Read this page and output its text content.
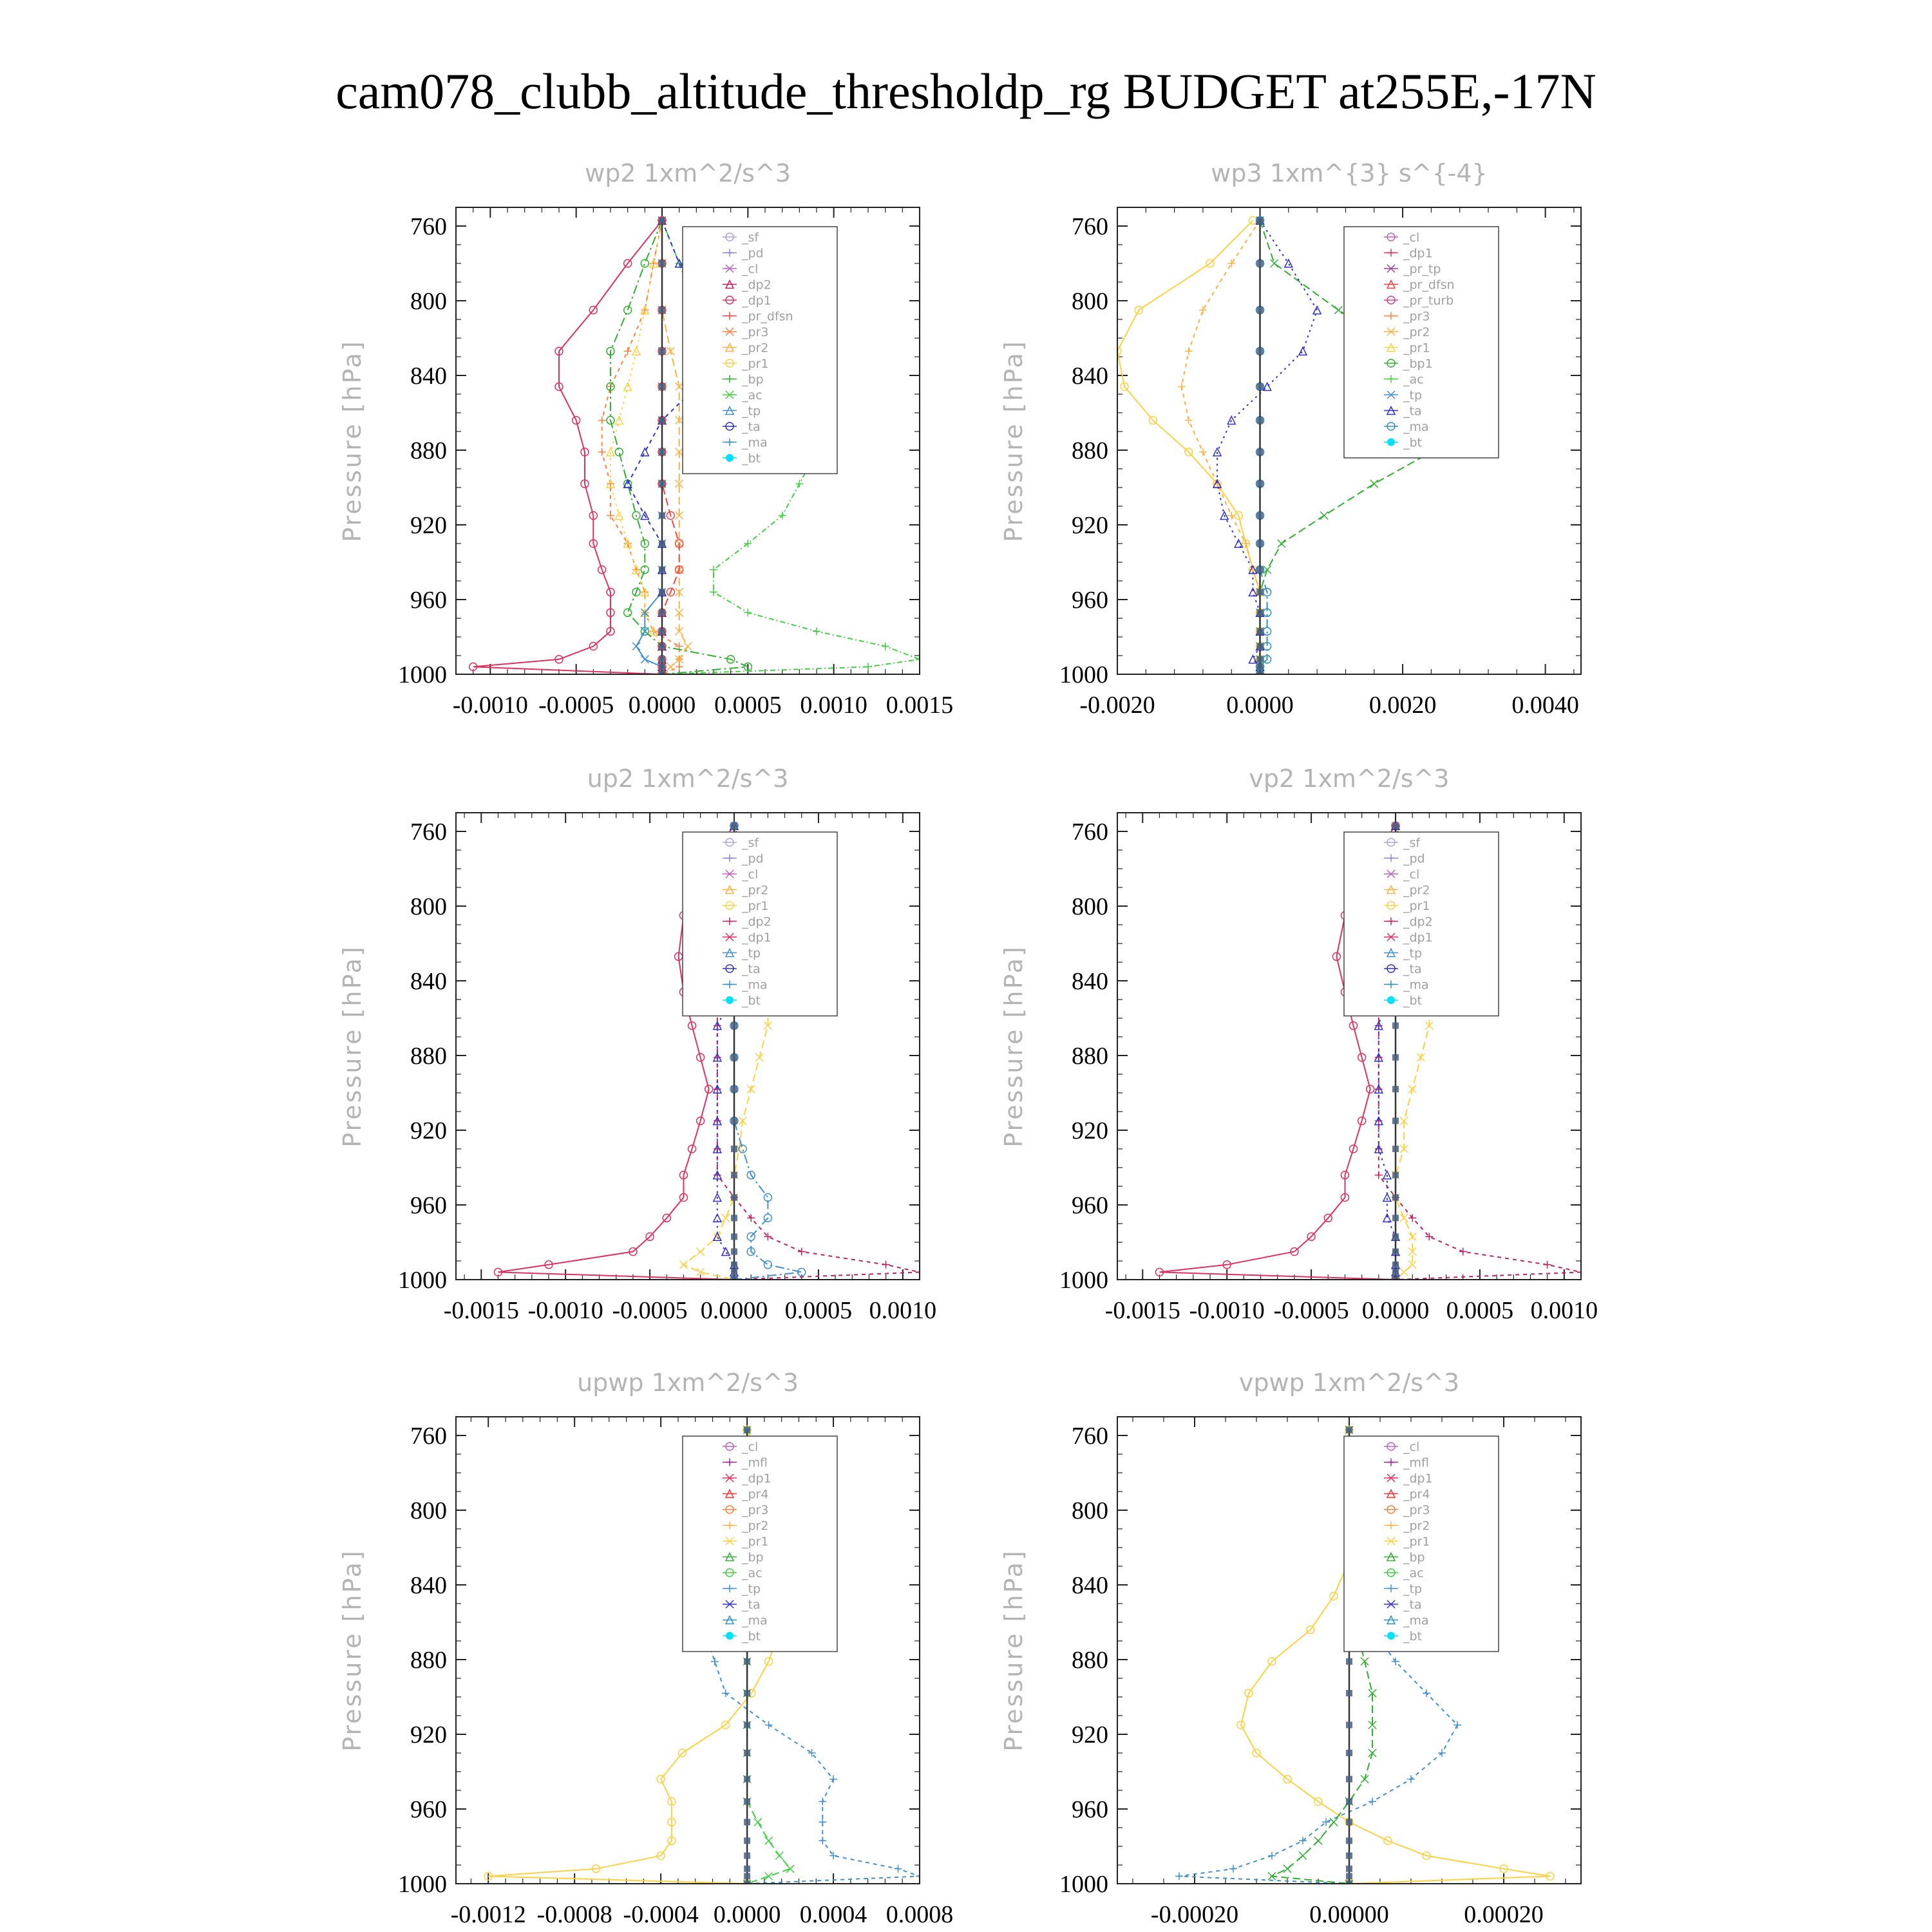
cam078_clubb_altitude_thresholdp_rg BUDGET at255E,-17N
wp2 1xm^2/s^3
Pressure [hPa]
760
800
840
880
920
960
1000
-0.0010 -0.0005 0.0000 0.0005 0.0010 0.0015
_sf
_pd
_cl
_dp2
_dp1
_pr_dfsn
_pr3
_pr2
_pr1
_bp
_ac
_tp
_ta
_ma
_bt
wp3 1xm^{3} s^{-4}
Pressure [hPa]
760
800
840
880
920
960
1000
-0.0020	0.0000	0.0020	0.0040
_cl
_dp1
_pr_tp
_pr_dfsn
_pr_turb
_pr3
_pr2
_pr1
_bp1
_ac
_tp
_ta
_ma
_bt
up2 1xm^2/s^3
Pressure [hPa]
760
800
840
880
920
960
1000
-0.0015 -0.0010 -0.0005 0.0000 0.0005 0.0010
_sf
_pd
_cl
_pr2
_pr1
_dp2
_dp1
_tp
_ta
_ma
_bt
vp2 1xm^2/s^3
Pressure [hPa]
760
800
840
880
920
960
1000
-0.0015 -0.0010 -0.0005 0.0000 0.0005 0.0010
_sf
_pd
_cl
_pr2
_pr1
_dp2
_dp1
_tp
_ta
_ma
_bt
upwp 1xm^2/s^3
Pressure [hPa]
760
800
840
880
920
960
1000
-0.0012 -0.0008 -0.0004 0.0000 0.0004 0.0008
_cl
_mfl
_dp1
_pr4
_pr3
_pr2
_pr1
_bp
_ac
_tp
_ta
_ma
_bt
vpwp 1xm^2/s^3
Pressure [hPa]
760
800
840
880
920
960
1000
-0.00020	0.00000	0.00020
_cl
_mfl
_dp1
_pr4
_pr3
_pr2
_pr1
_bp
_ac
_tp
_ta
_ma
_bt
